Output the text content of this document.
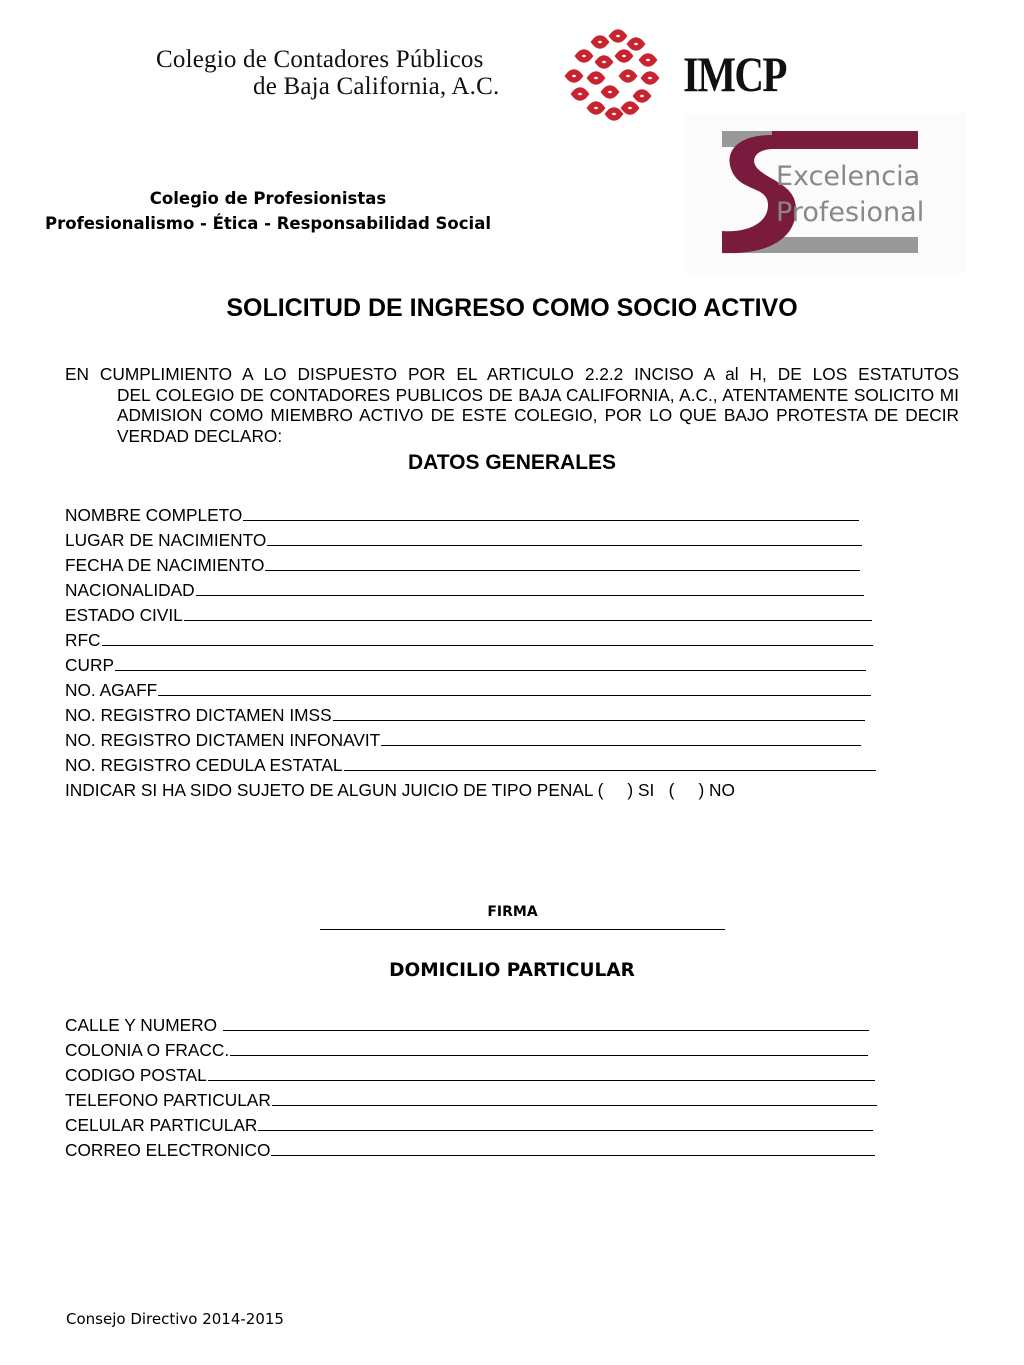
Colegio de Contadores Públicos
de Baja California, A.C.	IMCP
Excelencia
Profesional
Colegio de Profesionistas
Profesionalismo - Ética - Responsabilidad Social
SOLICITUD DE INGRESO COMO SOCIO ACTIVO
EN CUMPLIMIENTO A LO DISPUESTO POR EL ARTICULO 2.2.2 INCISO A al H, DE LOS ESTATUTOS
DEL COLEGIO DE CONTADORES PUBLICOS DE BAJA CALIFORNIA, A.C., ATENTAMENTE SOLICITO MI ADMISION COMO MIEMBRO ACTIVO DE ESTE COLEGIO, POR LO QUE BAJO PROTESTA DE DECIR VERDAD DECLARO:
DATOS GENERALES
NOMBRE COMPLETO
LUGAR DE NACIMIENTO
FECHA DE NACIMIENTO
NACIONALIDAD
ESTADO CIVIL
RFC
CURP
NO. AGAFF
NO. REGISTRO DICTAMEN IMSS
NO. REGISTRO DICTAMEN INFONAVIT
NO. REGISTRO CEDULA ESTATAL
INDICAR SI HA SIDO SUJETO DE ALGUN JUICIO DE TIPO PENAL (     ) SI   (     ) NO
FIRMA
DOMICILIO PARTICULAR
CALLE Y NUMERO
COLONIA O FRACC.
CODIGO POSTAL
TELEFONO PARTICULAR
CELULAR PARTICULAR
CORREO ELECTRONICO
Consejo Directivo 2014-2015
